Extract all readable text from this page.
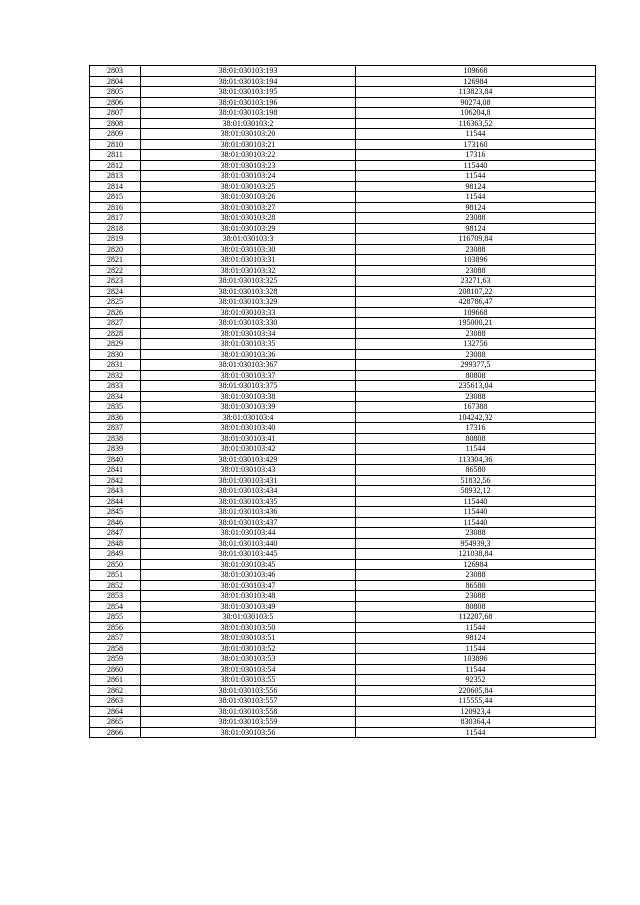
2803	38:01:030103:193	109668
2804	38:01:030103:194	126984
2805	38:01:030103:195	113823,84
2806	38:01:030103:196	90274,08
2807	38:01:030103:198	106204,8
2808	38:01:030103:2	116363,52
2809	38:01:030103:20	11544
2810	38:01:030103:21	173160
2811	38:01:030103:22	17316
2812	38:01:030103:23	115440
2813	38:01:030103:24	11544
2814	38:01:030103:25	98124
2815	38:01:030103:26	11544
2816	38:01:030103:27	98124
2817	38:01:030103:28	23088
2818	38:01:030103:29	98124
2819	38:01:030103:3	116709,84
2820	38:01:030103:30	23088
2821	38:01:030103:31	103896
2822	38:01:030103:32	23088
2823	38:01:030103:325	23271,63
2824	38:01:030103:328	208107,22
2825	38:01:030103:329	428786,47
2826	38:01:030103:33	109668
2827	38:01:030103:330	195000,21
2828	38:01:030103:34	23088
2829	38:01:030103:35	132756
2830	38:01:030103:36	23088
2831	38:01:030103:367	299377,5
2832	38:01:030103:37	80808
2833	38:01:030103:375	235613,04
2834	38:01:030103:38	23088
2835	38:01:030103:39	167388
2836	38:01:030103:4	104242,32
2837	38:01:030103:40	17316
2838	38:01:030103:41	80808
2839	38:01:030103:42	11544
2840	38:01:030103:429	113304,36
2841	38:01:030103:43	86580
2842	38:01:030103:431	51832,56
2843	38:01:030103:434	58932,12
2844	38:01:030103:435	115440
2845	38:01:030103:436	115440
2846	38:01:030103:437	115440
2847	38:01:030103:44	23088
2848	38:01:030103:440	954939,3
2849	38:01:030103:445	121038,84
2850	38:01:030103:45	126984
2851	38:01:030103:46	23088
2852	38:01:030103:47	86580
2853	38:01:030103:48	23088
2854	38:01:030103:49	80808
2855	38:01:030103:5	112207,68
2856	38:01:030103:50	11544
2857	38:01:030103:51	98124
2858	38:01:030103:52	11544
2859	38:01:030103:53	103896
2860	38:01:030103:54	11544
2861	38:01:030103:55	92352
2862	38:01:030103:556	220605,84
2863	38:01:030103:557	115555,44
2864	38:01:030103:558	120923,4
2865	38:01:030103:559	830364,4
2866	38:01:030103:56	11544
